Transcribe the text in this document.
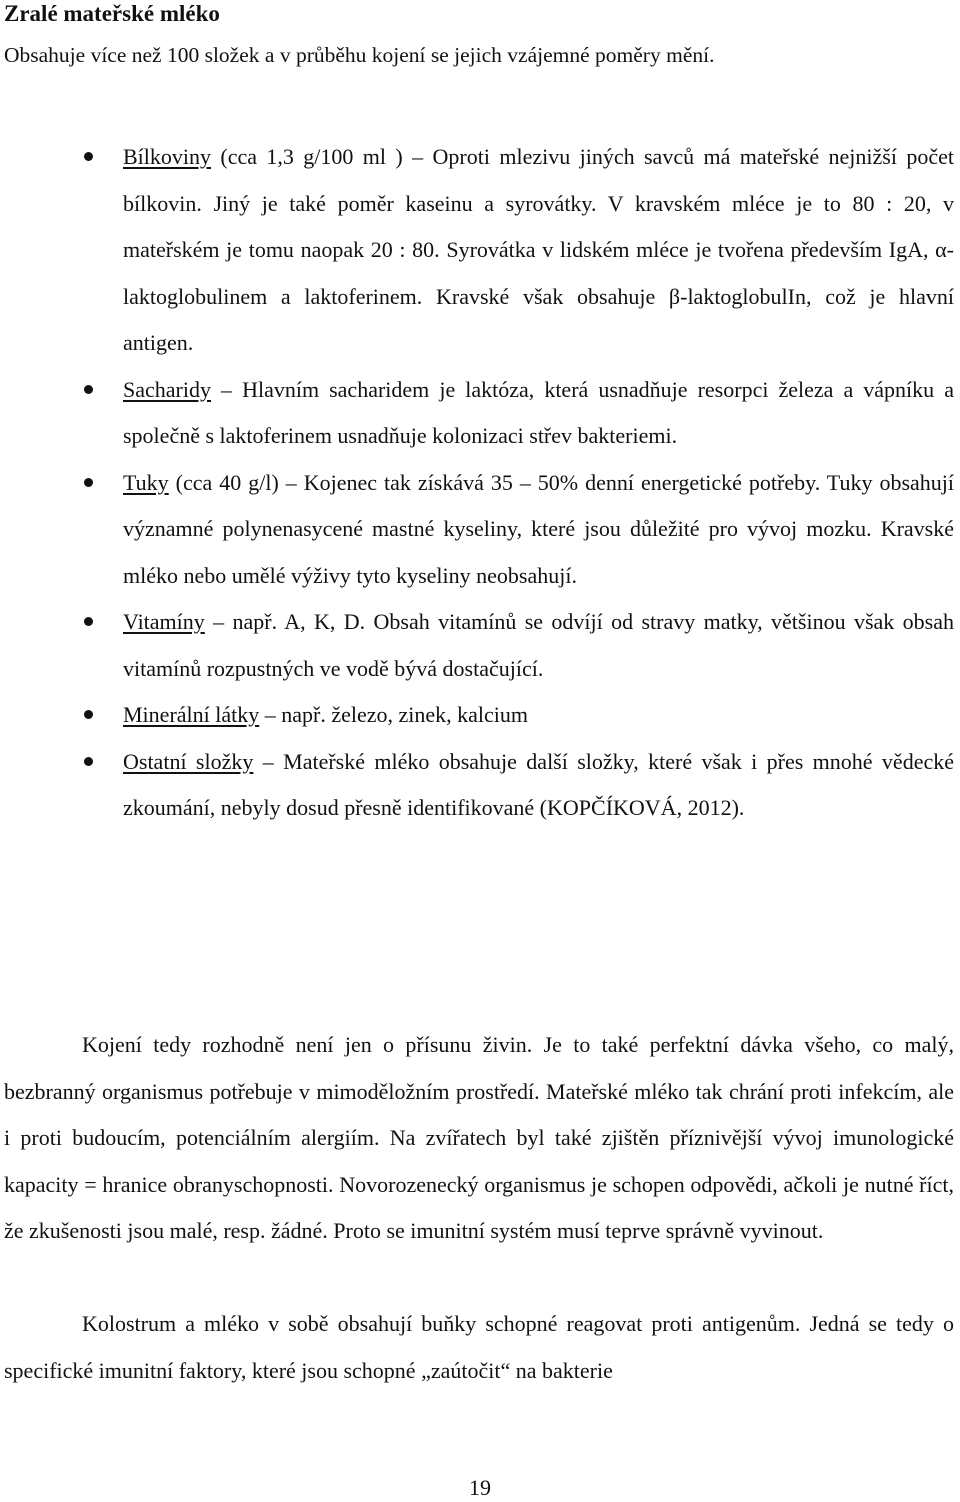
Zralé mateřské mléko

Obsahuje více než 100 složek a v průběhu kojení se jejich vzájemné poměry mění.

Bílkoviny (cca 1,3 g/100 ml ) – Oproti mlezivu jiných savců má mateřské nejnižší počet bílkovin. Jiný je také poměr kaseinu a syrovátky. V kravském mléce je to 80 : 20, v mateřském je tomu naopak 20 : 80. Syrovátka v lidském mléce je tvořena především IgA, α-laktoglobulinem a laktoferinem. Kravské však obsahuje β-laktoglobulIn, což je hlavní antigen.
Sacharidy – Hlavním sacharidem je laktóza, která usnadňuje resorpci železa a vápníku a společně s laktoferinem usnadňuje kolonizaci střev bakteriemi.
Tuky (cca 40 g/l) – Kojenec tak získává 35 – 50% denní energetické potřeby. Tuky obsahují významné polynenasycené mastné kyseliny, které jsou důležité pro vývoj mozku. Kravské mléko nebo umělé výživy tyto kyseliny neobsahují.
Vitamíny – např. A, K, D. Obsah vitamínů se odvíjí od stravy matky, většinou však obsah vitamínů rozpustných ve vodě bývá dostačující.
Minerální látky – např. železo, zinek, kalcium
Ostatní složky – Mateřské mléko obsahuje další složky, které však i přes mnohé vědecké zkoumání, nebyly dosud přesně identifikované (KOPČÍKOVÁ, 2012).

Kojení tedy rozhodně není jen o přísunu živin. Je to také perfektní dávka všeho, co malý, bezbranný organismus potřebuje v mimoděložním prostředí. Mateřské mléko tak chrání proti infekcím, ale i proti budoucím, potenciálním alergiím. Na zvířatech byl také zjištěn příznivější vývoj imunologické kapacity = hranice obranyschopnosti. Novorozenecký organismus je schopen odpovědi, ačkoli je nutné říct, že zkušenosti jsou malé, resp. žádné. Proto se imunitní systém musí teprve správně vyvinout.

Kolostrum a mléko v sobě obsahují buňky schopné reagovat proti antigenům. Jedná se tedy o specifické imunitní faktory, které jsou schopné „zaútočit“ na bakterie

19
